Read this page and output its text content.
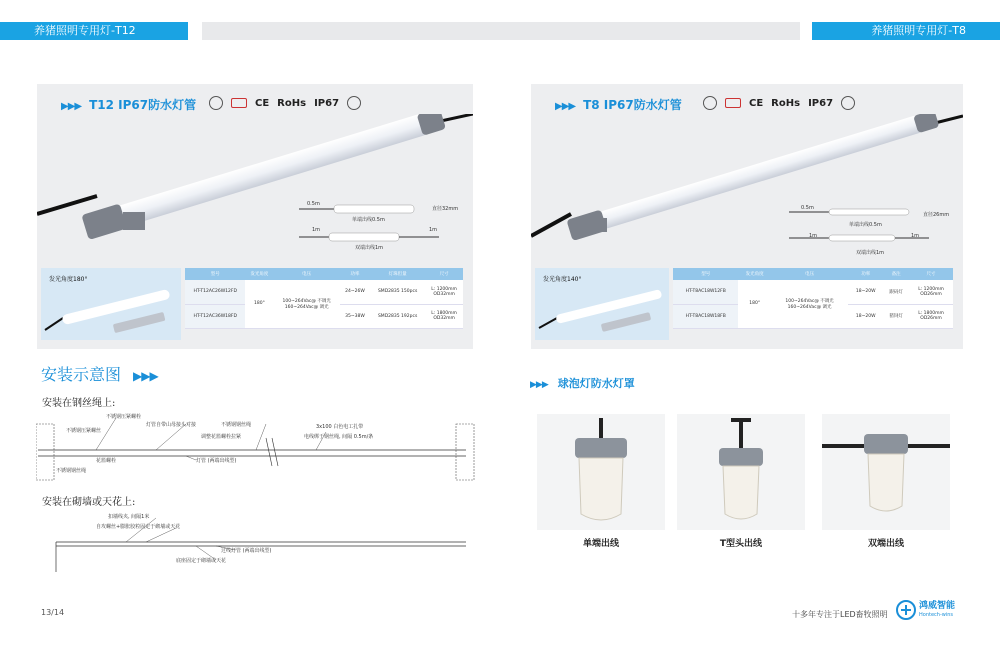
养猪照明专用灯-T12	养猪照明专用灯-T8
▶▶▶ T12 IP67防水灯管	CE RoHs IP67
0.5m
直径32mm
单端出线0.5m
1m	1m
双端出线1m
发光角度180°
型号	发光角度	电压	功率	灯珠但量	尺寸
HT-T12AC26W12FD	180°	100~264Vac@ 不调光
160~264Vac@ 调光	24~26W	SMD2835 150pcs	L: 1200mm
OD32mm
HT-T12AC36W18FD			35~38W	SMD2835 192pcs	L: 1800mm
OD32mm
▶▶▶ T8 IP67防水灯管	CE RoHs IP67
0.5m
直径26mm
单端出线0.5m
1m	1m
双端出线1m
发光角度140°
型号	发光角度	电压	功率	备注	尺寸
HT-T8AC18W12FB	180°	100~264Vac@ 不调光
160~264Vac@ 调光	18~20W	跟码灯	L: 1200mm
OD26mm
HT-T8AC18W18FB			18~20W	猪饲灯	L: 1800mm
OD26mm
安装示意图 ▶▶▶
安装在钢丝绳上:
不锈钢压紧螺栓
灯管自带山母接头对接	不锈钢钢丝绳
不锈钢压紧螺丝
调整花篮螺栓拉紧
花篮螺栓
3x100 白色电工扎带
电线绑于钢丝绳, 间隔 0.5m/条
灯管 (两端出线型)
不锈钢钢丝绳
安装在砌墙或天花上:
扣墙线夹, 间隔1米
自攻螺丝+膨胀胶粒固定于砌墙或天花
过线灯管 (两端出线型)
底座固定于砌墙或天花
▶▶▶ 球泡灯防水灯罩
单端出线	T型头出线	双端出线
13/14	十多年专注于LED畜牧照明
鸿威智能
Hontech-wins
